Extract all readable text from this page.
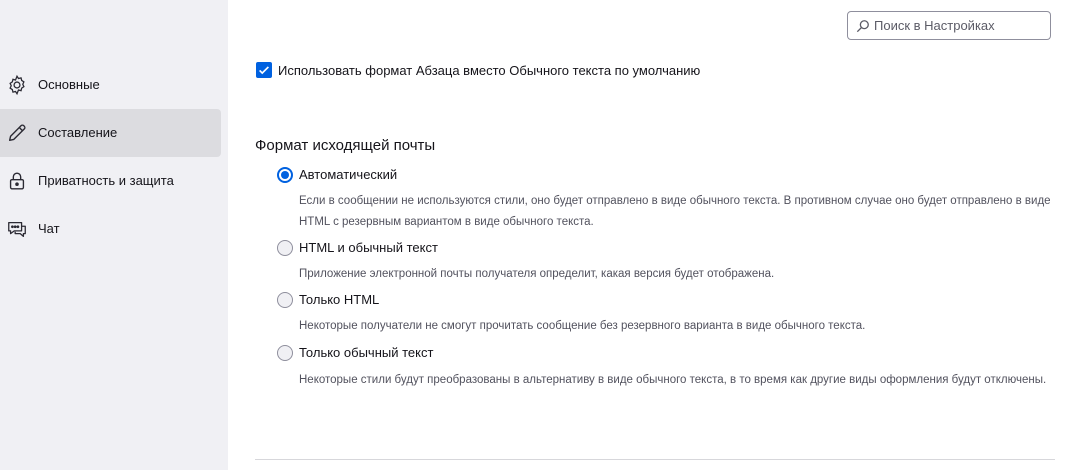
Основные
Составление
Приватность и защита
Чат
Поиск в Настройках
Использовать формат Абзаца вместо Обычного текста по умолчанию
Формат исходящей почты
Автоматический
Если в сообщении не используются стили, оно будет отправлено в виде обычного текста. В противном случае оно будет отправлено в виде HTML с резервным вариантом в виде обычного текста.
HTML и обычный текст
Приложение электронной почты получателя определит, какая версия будет отображена.
Только HTML
Некоторые получатели не смогут прочитать сообщение без резервного варианта в виде обычного текста.
Только обычный текст
Некоторые стили будут преобразованы в альтернативу в виде обычного текста, в то время как другие виды оформления будут отключены.
